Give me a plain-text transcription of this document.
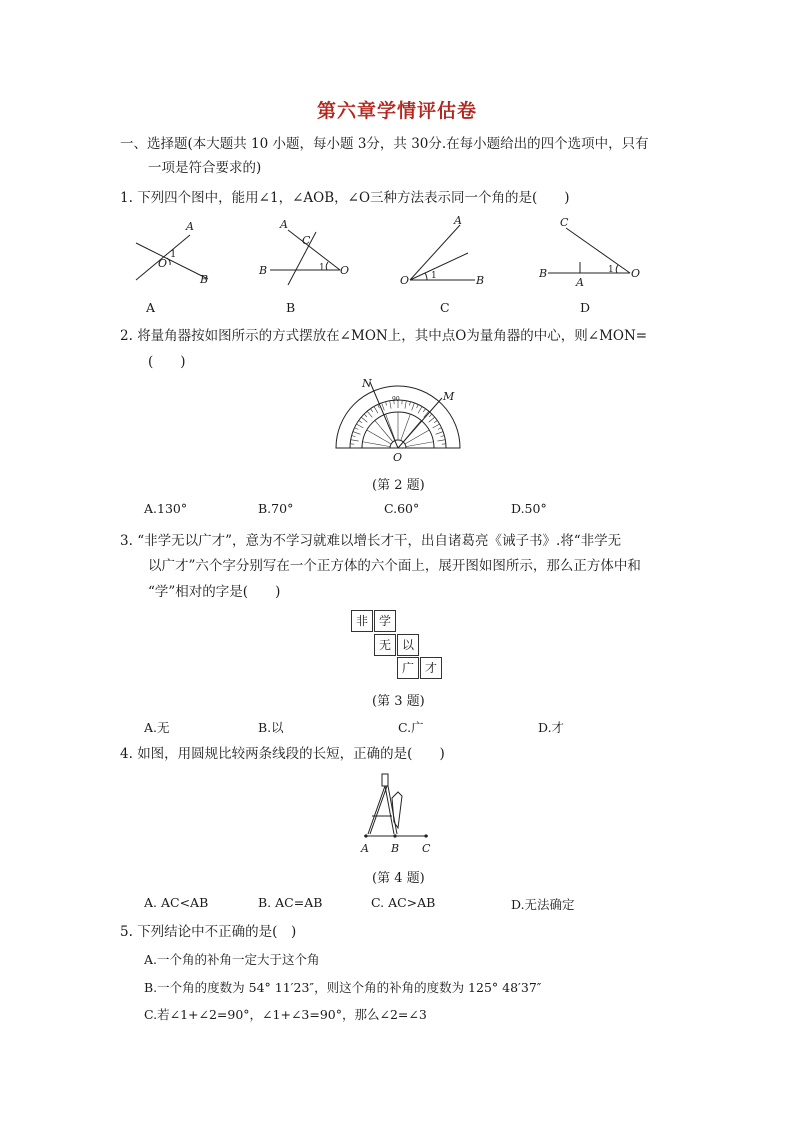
第六章学情评估卷
一、选择题(本大题共 10 小题，每小题 3分，共 30分.在每小题给出的四个选项中，只有
一项是符合要求的)
1. 下列四个图中，能用∠1，∠AOB，∠O三种方法表示同一个角的是(　　)
A
O
B
1
A
C
B	O
1
A
O	B
1
C
B
A
O
1
A	B	C	D
2. 将量角器按如图所示的方式摆放在∠MON上，其中点O为量角器的中心，则∠MON=
(　　)
N
M
O
90
(第 2 题)
A.130°	B.70°	C.60°	D.50°
3. “非学无以广才”，意为不学习就难以增长才干，出自诸葛亮《诫子书》.将“非学无
以广才”六个字分别写在一个正方体的六个面上，展开图如图所示，那么正方体中和
“学”相对的字是(　　)
非 学
无 以
广 才
(第 3 题)
A.无	B.以	C.广	D.才
4. 如图，用圆规比较两条线段的长短，正确的是(　　)
A B C
(第 4 题)
A. AC<AB	B. AC=AB	C. AC>AB	D.无法确定
5. 下列结论中不正确的是(　)
A.一个角的补角一定大于这个角
B.一个角的度数为 54° 11′23″，则这个角的补角的度数为 125° 48′37″
C.若∠1+∠2=90°，∠1+∠3=90°，那么∠2=∠3
